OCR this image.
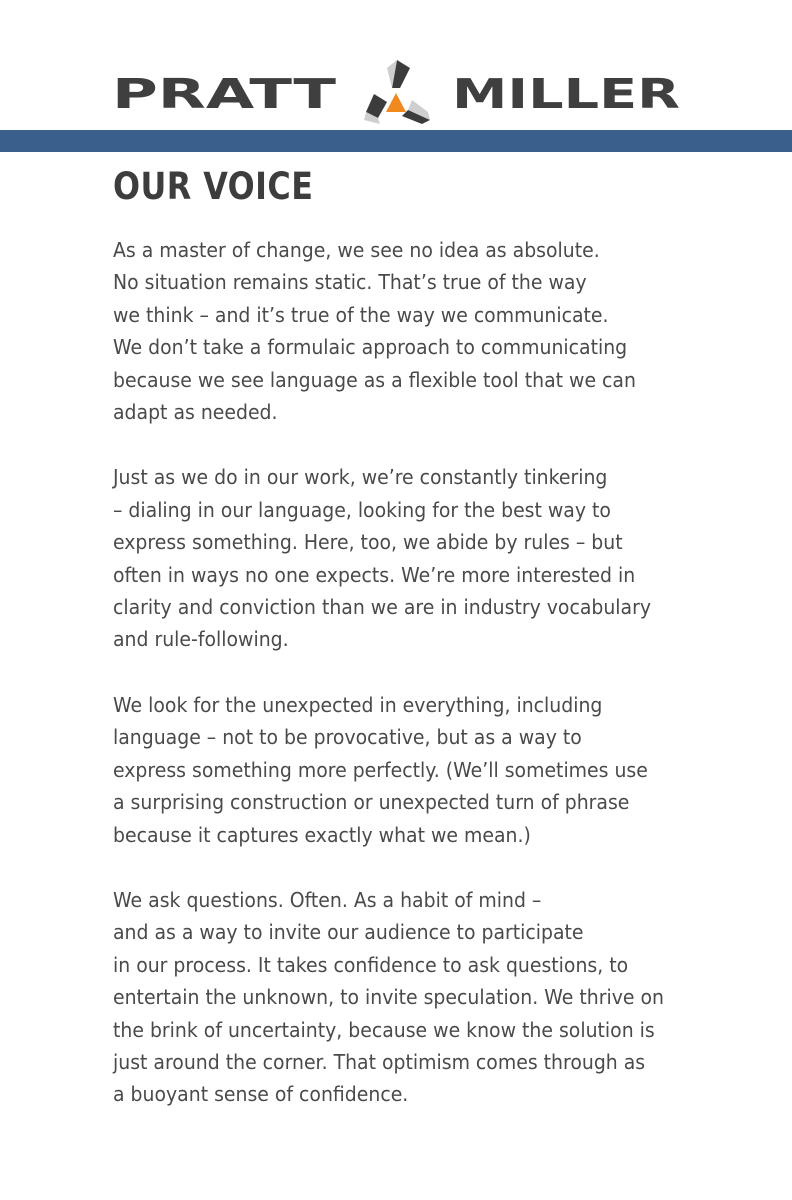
PRATT	MILLER
OUR VOICE

As a master of change, we see no idea as absolute.
No situation remains static. That’s true of the way
we think – and it’s true of the way we communicate.
We don’t take a formulaic approach to communicating
because we see language as a flexible tool that we can
adapt as needed.

Just as we do in our work, we’re constantly tinkering
– dialing in our language, looking for the best way to
express something. Here, too, we abide by rules – but
often in ways no one expects. We’re more interested in
clarity and conviction than we are in industry vocabulary
and rule-following.

We look for the unexpected in everything, including
language – not to be provocative, but as a way to
express something more perfectly. (We’ll sometimes use
a surprising construction or unexpected turn of phrase
because it captures exactly what we mean.)

We ask questions. Often. As a habit of mind –
and as a way to invite our audience to participate
in our process. It takes confidence to ask questions, to
entertain the unknown, to invite speculation. We thrive on
the brink of uncertainty, because we know the solution is
just around the corner. That optimism comes through as
a buoyant sense of confidence.
